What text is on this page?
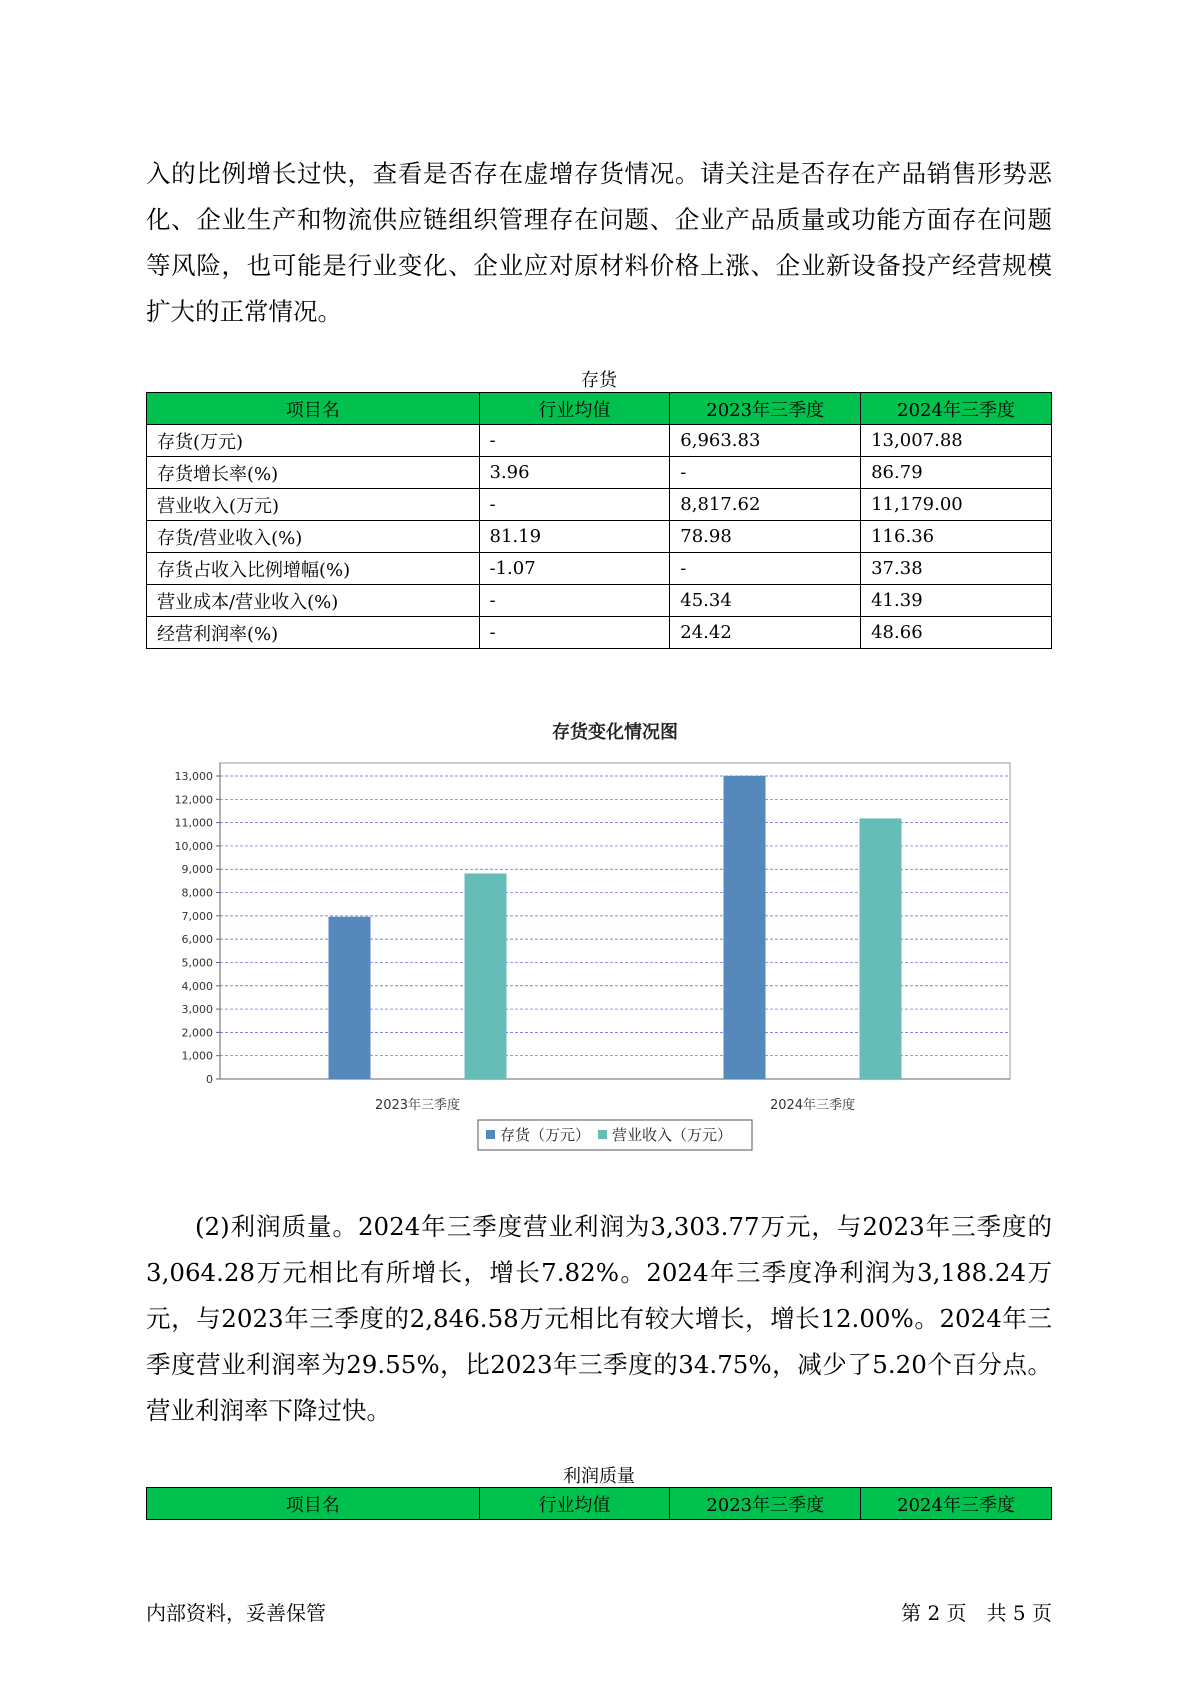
入的比例增长过快，查看是否存在虚增存货情况。请关注是否存在产品销售形势恶化、企业生产和物流供应链组织管理存在问题、企业产品质量或功能方面存在问题等风险，也可能是行业变化、企业应对原材料价格上涨、企业新设备投产经营规模扩大的正常情况。

存货
项目名	行业均值	2023年三季度	2024年三季度
存货(万元)	-	6,963.83	13,007.88
存货增长率(%)	3.96	-	86.79
营业收入(万元)	-	8,817.62	11,179.00
存货/营业收入(%)	81.19	78.98	116.36
存货占收入比例增幅(%)	-1.07	-	37.38
营业成本/营业收入(%)	-	45.34	41.39
经营利润率(%)	-	24.42	48.66
存货变化情况图
0
1,000
2,000
3,000
4,000
5,000
6,000
7,000
8,000
9,000
10,000
11,000
12,000
13,000
2023年三季度	2024年三季度
存货（万元） 营业收入（万元）

(2)利润质量。2024年三季度营业利润为3,303.77万元，与2023年三季度的3,064.28万元相比有所增长，增长7.82%。2024年三季度净利润为3,188.24万元，与2023年三季度的2,846.58万元相比有较大增长，增长12.00%。2024年三季度营业利润率为29.55%，比2023年三季度的34.75%，减少了5.20个百分点。营业利润率下降过快。

利润质量
项目名	行业均值	2023年三季度	2024年三季度
内部资料，妥善保管	第 2 页　共 5 页
